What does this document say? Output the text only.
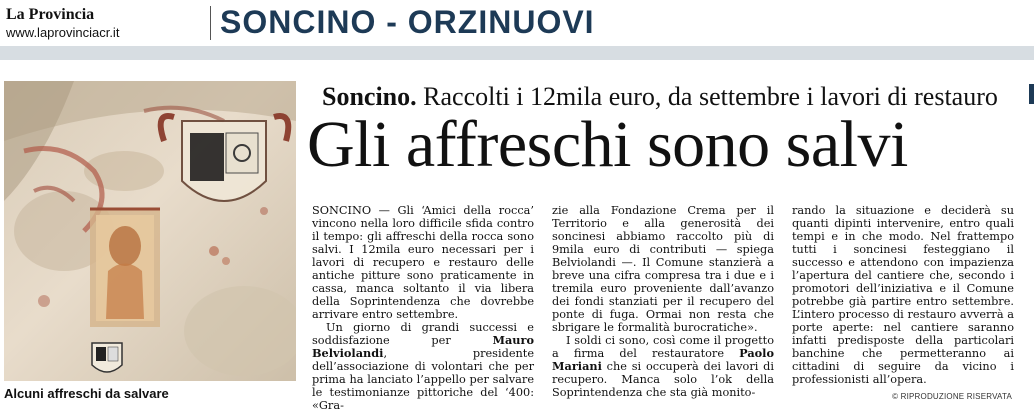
La Provincia
www.laprovinciacr.it	SONCINO - ORZINUOVI
Alcuni affreschi da salvare
Soncino. Raccolti i 12mila euro, da settembre i lavori di restauro
Gli affreschi sono salvi

SONCINO — Gli ‘Amici della rocca’ vincono nella loro difficile sfida contro il tempo: gli affreschi della rocca sono salvi. I 12mila euro necessari per i lavori di recupero e restauro delle antiche pitture sono praticamente in cassa, manca soltanto il via libera della Soprintendenza che dovrebbe arrivare entro settembre.

Un giorno di grandi successi e soddisfazione per Mauro Belviolandi, presidente dell’associazione di volontari che per prima ha lanciato l’appello per salvare le testimonianze pittoriche del ‘400: «Gra-

zie alla Fondazione Crema per il Territorio e alla generosità dei soncinesi abbiamo raccolto più di 9mila euro di contributi — spiega Belviolandi —. Il Comune stanzierà a breve una cifra compresa tra i due e i tremila euro proveniente dall’avanzo dei fondi stanziati per il recupero del ponte di fuga. Ormai non resta che sbrigare le formalità burocratiche».

I soldi ci sono, così come il progetto a firma del restauratore Paolo Mariani che si occuperà dei lavori di recupero. Manca solo l’ok della Soprintendenza che sta già monito-

rando la situazione e deciderà su quanti dipinti intervenire, entro quali tempi e in che modo. Nel frattempo tutti i soncinesi festeggiano il successo e attendono con impazienza l’apertura del cantiere che, secondo i promotori dell’iniziativa e il Comune potrebbe già partire entro settembre. L’intero processo di restauro avverrà a porte aperte: nel cantiere saranno infatti predisposte della particolari banchine che permetteranno ai cittadini di seguire da vicino i professionisti all’opera.

© RIPRODUZIONE RISERVATA
